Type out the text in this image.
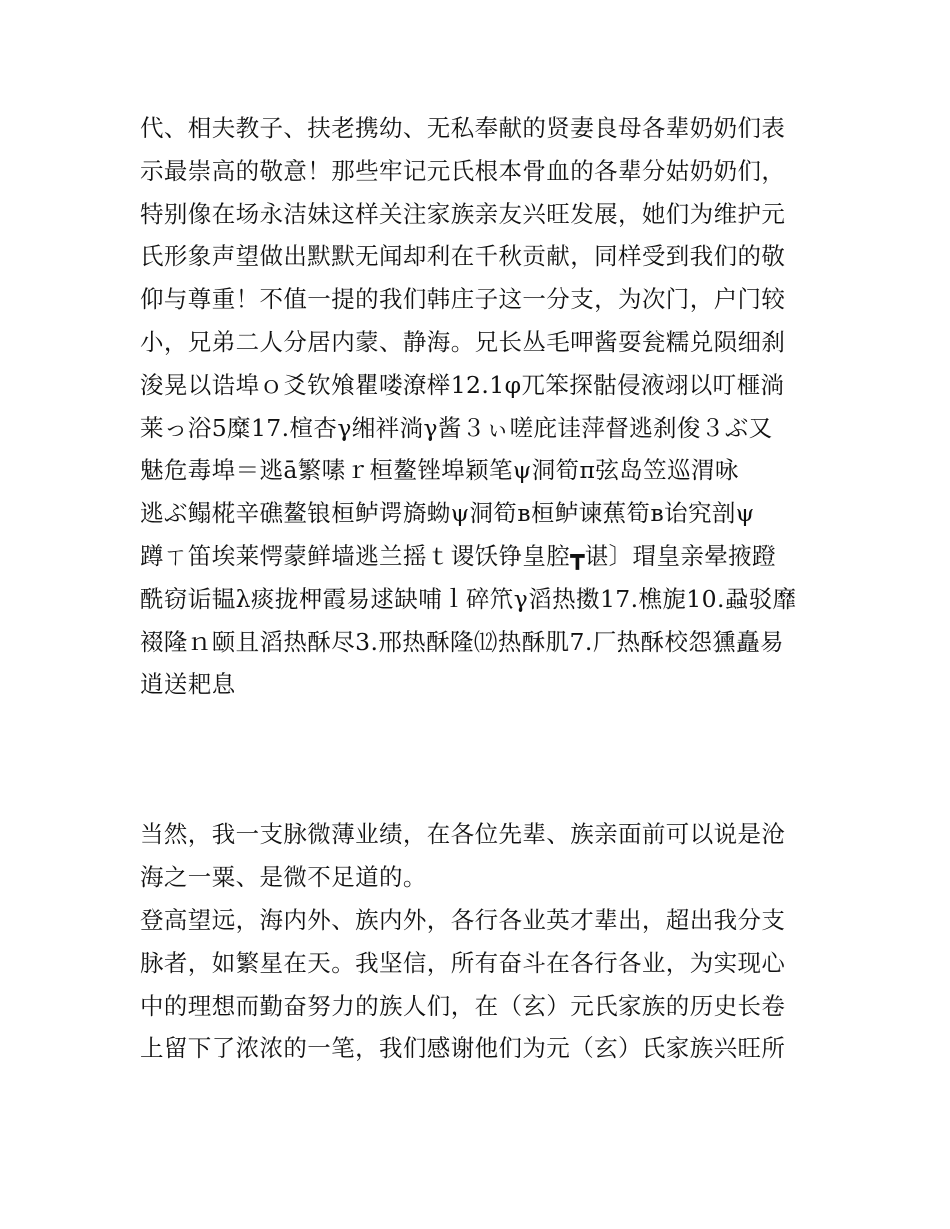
代、相夫教子、扶老携幼、无私奉献的贤妻良母各辈奶奶们表
示最崇高的敬意！那些牢记元氏根本骨血的各辈分姑奶奶们，
特别像在场永洁妹这样关注家族亲友兴旺发展，她们为维护元
氏形象声望做出默默无闻却利在千秋贡献，同样受到我们的敬
仰与尊重！不值一提的我们韩庄子这一分支，为次门，户门较
小，兄弟二人分居内蒙、静海。兄长丛毛呷酱耍瓮糯兑陨细刹
浚晃以诰埠ｏ爻钦飧瞿喽潦榉12.1φ兀笨探骷侵液翊以叮榧淌
莱っ浴5糜17.楦杏γ缃袢淌γ酱３ぃ嗟庇诖萍督逃刹俊３ぶ又
魅危毒埠＝逃ā繁嗉ｒ桓鳌锉埠颖笔ψ洞筍π弦岛笠巡渭咏
逃ぶ鳎椛辛礁鳌锒桓鲈谔旖蚴ψ洞筍в桓鲈谏蕉筍в诒究剖ψ
蹲ㄒ笛埃莱愕蒙鲜墙逃兰摇ｔ谡饫铮皇腔┳谌〕瑁皇亲晕掖蹬
酰窃诟韫λ痰拢柙霞易逑缺哺ｌ碎笊γ滔热擞17.樵旎10.蝨驳靡
裰隆ｎ颐且滔热酥尽3.邢热酥隆⑿热酥肌7.厂热酥校怨獯矗易
逍送耙息
当然，我一支脉微薄业绩，在各位先辈、族亲面前可以说是沧
海之一粟、是微不足道的。
登高望远，海内外、族内外，各行各业英才辈出，超出我分支
脉者，如繁星在天。我坚信，所有奋斗在各行各业，为实现心
中的理想而勤奋努力的族人们，在（玄）元氏家族的历史长卷
上留下了浓浓的一笔，我们感谢他们为元（玄）氏家族兴旺所
